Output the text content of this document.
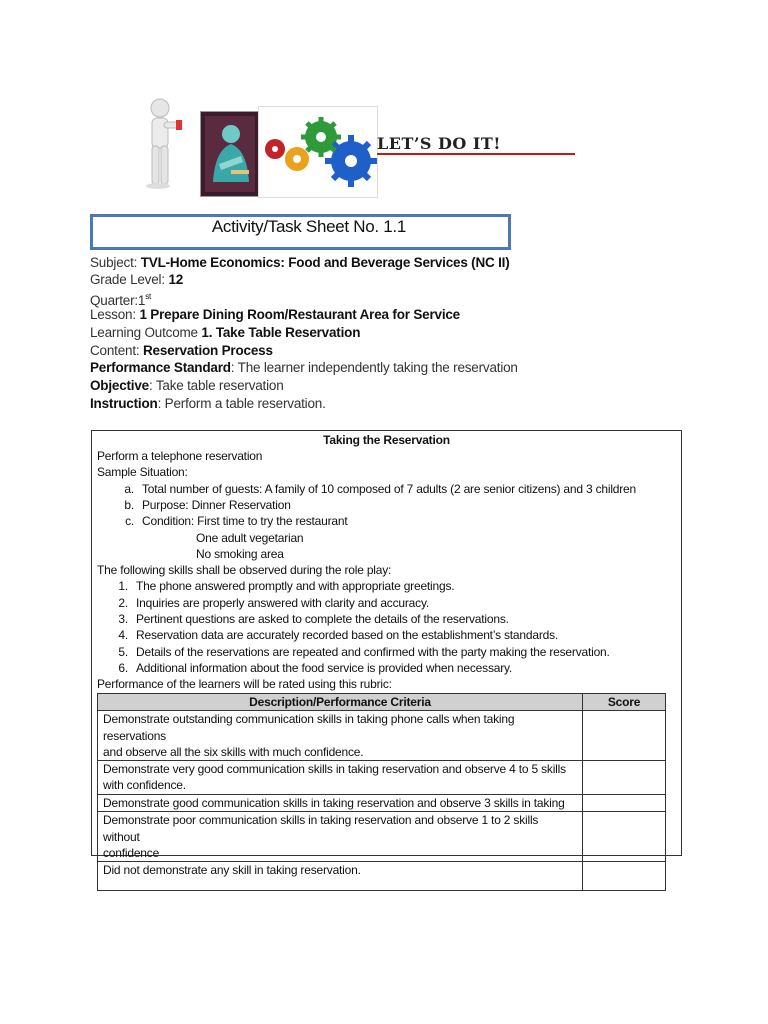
LET’S DO IT!
Activity/Task Sheet No. 1.1
Subject: TVL-Home Economics: Food and Beverage Services (NC II)
Grade Level: 12
Quarter:1st
Lesson: 1 Prepare Dining Room/Restaurant Area for Service
Learning Outcome 1. Take Table Reservation
Content: Reservation Process
Performance Standard: The learner independently taking the reservation
Objective: Take table reservation
Instruction: Perform a table reservation.
Taking the Reservation
Perform a telephone reservation
Sample Situation:
a. Total number of guests: A family of 10 composed of 7 adults (2 are senior citizens) and 3 children
b. Purpose: Dinner Reservation
c. Condition: First time to try the restaurant
One adult vegetarian
No smoking area
The following skills shall be observed during the role play:
1. The phone answered promptly and with appropriate greetings.
2. Inquiries are properly answered with clarity and accuracy.
3. Pertinent questions are asked to complete the details of the reservations.
4. Reservation data are accurately recorded based on the establishment’s standards.
5. Details of the reservations are repeated and confirmed with the party making the reservation.
6. Additional information about the food service is provided when necessary.
Performance of the learners will be rated using this rubric:
Description/Performance Criteria	Score

Demonstrate outstanding communication skills in taking phone calls when taking reservations
and observe all the six skills with much confidence.	

Demonstrate very good communication skills in taking reservation and observe 4 to 5 skills
with confidence.	

Demonstrate good communication skills in taking reservation and observe 3 skills in taking	

Demonstrate poor communication skills in taking reservation and observe 1 to 2 skills without
confidence	

Did not demonstrate any skill in taking reservation.	
